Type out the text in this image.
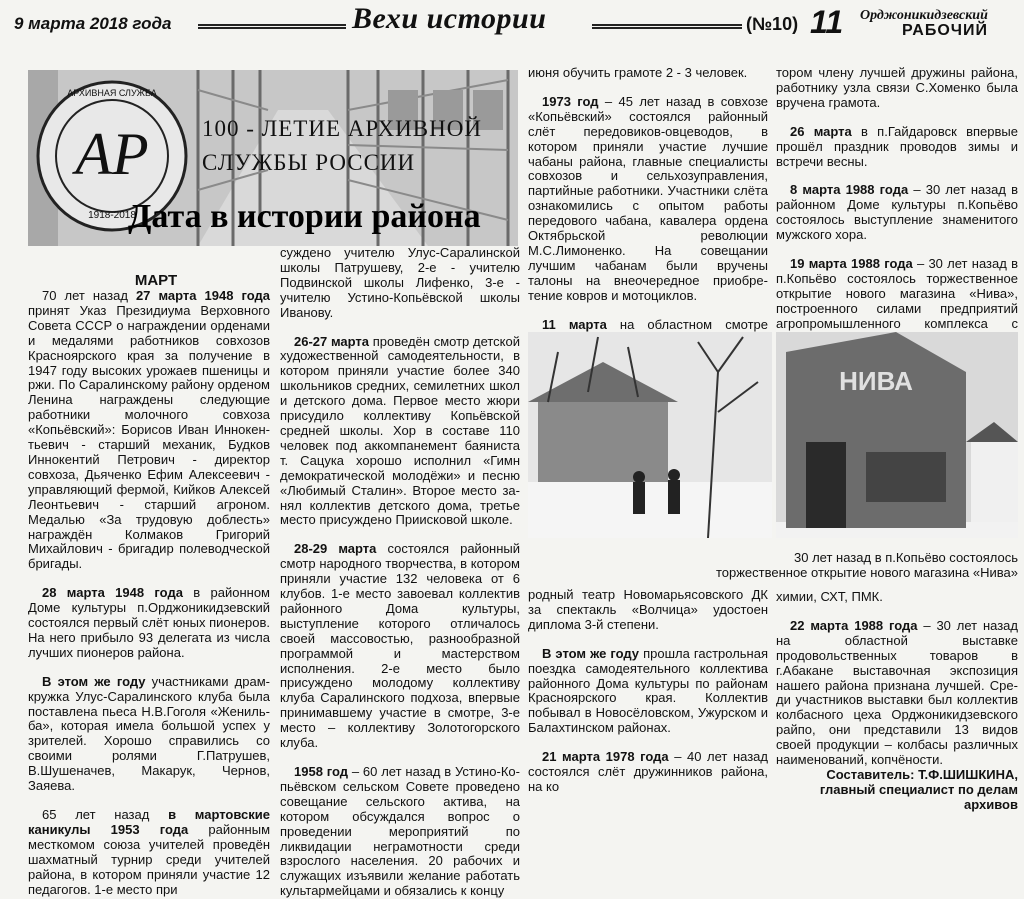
9 марта 2018 года	Вехи истории	(№10) 11 Орджоникидзевский
РАБОЧИЙ
АР
1918-2018
АРХИВНАЯ СЛУЖБА
100 - ЛЕТИЕ АРХИВНОЙ
СЛУЖБЫ РОССИИ
Дата в истории района

МАРТ

70 лет назад 27 марта 1948 года принят Указ Президиума Верховного Совета СССР о награждении орденами и медалями работников совхозов Красноярского края за получение в 1947 году высоких урожаев пшеницы и ржи. По Саралинскому району орденом Ленина награждены следующие работники молочного совхоза «Копьёвский»: Борисов Иван Иннокентьевич - старший механик, Будков Иннокентий Петрович - директор совхоза, Дьяченко Ефим Алексеевич - управляющий фермой, Кийков Алексей Леонтьевич - старший агроном. Медалью «За трудовую доблесть» награждён Колмаков Григорий Михайлович - бригадир полеводческой бригады.

28 марта 1948 года в районном Доме культуры п.Орджоникидзевский состоялся первый слёт юных пионеров. На него прибыло 93 делегата из числа лучших пионеров района.

В этом же году участниками драмкружка Улус-Саралинского клуба была поставлена пьеса Н.В.Гоголя «Женильба», которая имела большой успех у зрителей. Хорошо справились со своими ролями Г.Патрушев, В.Шушеначев, Макарук, Чернов, Заяева.

65 лет назад в мартовские каникулы 1953 года районным месткомом союза учителей проведён шахматный турнир среди учителей района, в котором приняли участие 12 педагогов. 1-е место при

суждено учителю Улус-Саралинской школы Патрушеву, 2-е - учителю Подвинской школы Лифенко, 3-е - учителю Устино-Копьёвской школы Иванову.

26-27 марта проведён смотр детской художественной самодеятельности, в котором приняли участие более 340 школьников средних, семилетних школ и детского дома. Первое место жюри присудило коллективу Копьёвской средней школы. Хор в составе 110 человек под аккомпанемент баяниста т. Сацука хорошо исполнил «Гимн демократической молодёжи» и песню «Любимый Сталин». Второе место занял коллектив детского дома, третье место присуждено Приисковой школе.

28-29 марта состоялся районный смотр народного творчества, в котором приняли участие 132 человека от 6 клубов. 1-е место завоевал коллектив районного Дома культуры, выступление которого отличалось своей массовостью, разнообразной программой и мастерством исполнения. 2-е место было присуждено молодому коллективу клуба Саралинского подхоза, впервые принимавшему участие в смотре, 3-е место – коллективу Золотогорского клуба.

1958 год – 60 лет назад в Устино-Копьёвском сельском Совете проведено совещание сельского актива, на котором обсуждался вопрос о проведении мероприятий по ликвидации неграмотности среди взрослого населения. 20 рабочих и служащих изъявили желание работать культармейцами и обязались к концу

июня обучить грамоте 2 - 3 человек.

1973 год – 45 лет назад в совхозе «Копьёвский» состоялся районный слёт передовиков-овцеводов, в котором приняли участие лучшие чабаны района, главные специалисты совхозов и сельхозуправления, партийные работники. Участники слёта ознакомились с опытом работы передового чабана, кавалера ордена Октябрьской революции М.С.Лимоненко. На совещании лучшим чабанам были вручены талоны на внеочередное приобретение ковров и мотоциклов.

11 марта на областном смотре

тором члену лучшей дружины района, работнику узла связи С.Хоменко была вручена грамота.

26 марта в п.Гайдаровск впервые прошёл праздник проводов зимы и встречи весны.

8 марта 1988 года – 30 лет назад в районном Доме культуры п.Копьёво состоялось выступление знаменитого мужского хора.

19 марта 1988 года – 30 лет назад в п.Копьёво состоялось торжественное открытие нового магазина «Нива», построенного силами предприятий агропромышленного комплекса с

НИВА
30 лет назад в п.Копьёво состоялось
торжественное открытие нового магазина «Нива»

родный театр Новомарьясовского ДК за спектакль «Волчица» удостоен диплома 3-й степени.

В этом же году прошла гастрольная поездка самодеятельного коллектива районного Дома культуры по районам Красноярского края. Коллектив побывал в Новосёловском, Ужурском и Балахтинском районах.

21 марта 1978 года – 40 лет назад состоялся слёт дружинников района, на ко

химии, СХТ, ПМК.

22 марта 1988 года – 30 лет назад на областной выставке продовольственных товаров в г.Абакане выставочная экспозиция нашего района признана лучшей. Среди участников выставки был коллектив колбасного цеха Орджоникидзевского райпо, они представили 13 видов своей продукции – колбасы различных наименований, копчёности.

Составитель: Т.Ф.ШИШКИНА,

главный специалист по делам архивов
